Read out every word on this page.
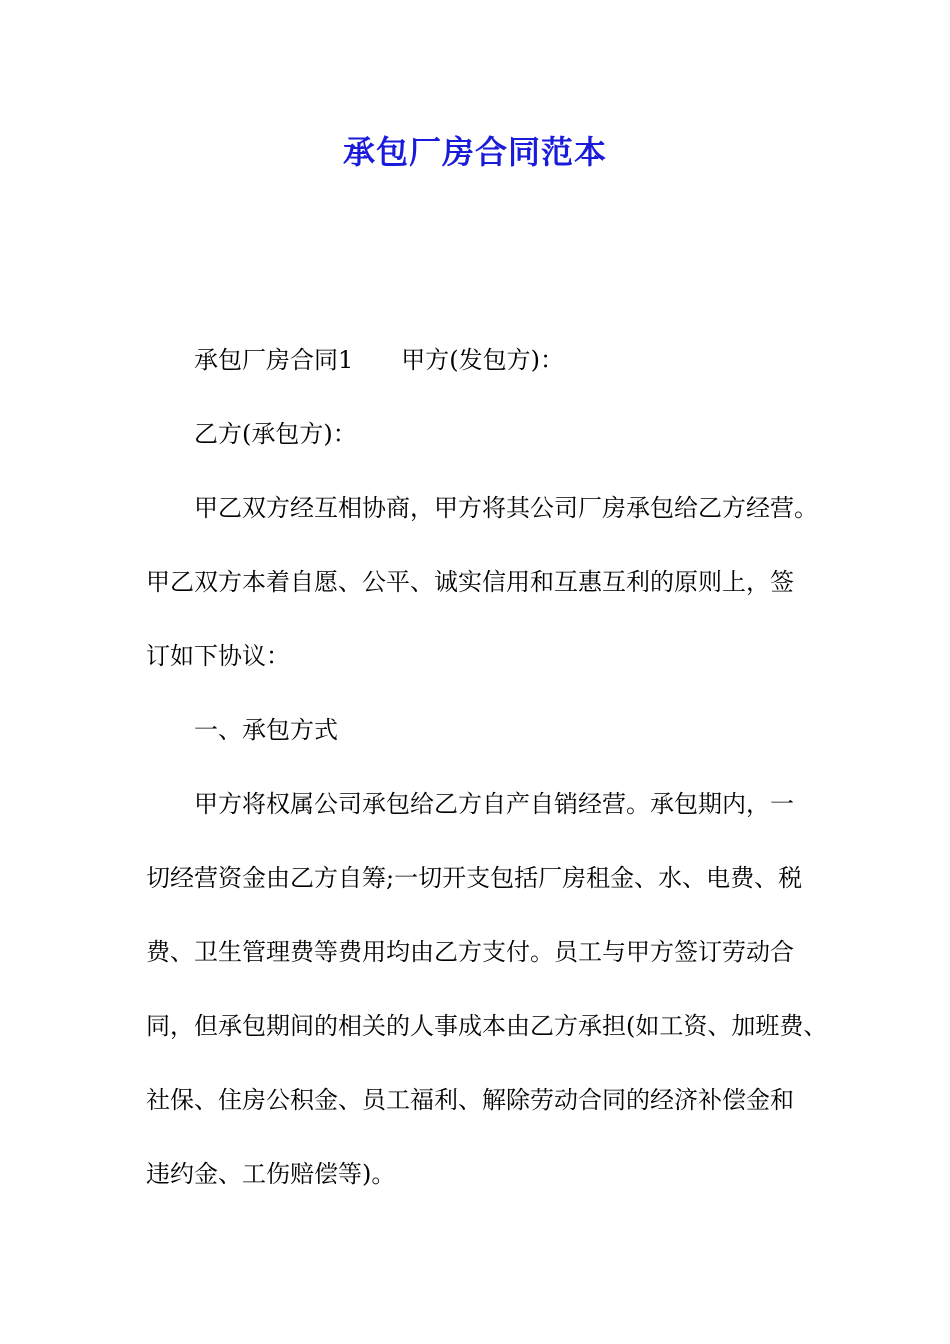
承包厂房合同范本
承包厂房合同1 甲方(发包方)：
乙方(承包方)：
甲乙双方经互相协商，甲方将其公司厂房承包给乙方经营。
甲乙双方本着自愿、公平、诚实信用和互惠互利的原则上，签
订如下协议：
一、承包方式
甲方将权属公司承包给乙方自产自销经营。承包期内，一
切经营资金由乙方自筹;一切开支包括厂房租金、水、电费、税
费、卫生管理费等费用均由乙方支付。员工与甲方签订劳动合
同，但承包期间的相关的人事成本由乙方承担(如工资、加班费、
社保、住房公积金、员工福利、解除劳动合同的经济补偿金和
违约金、工伤赔偿等)。
